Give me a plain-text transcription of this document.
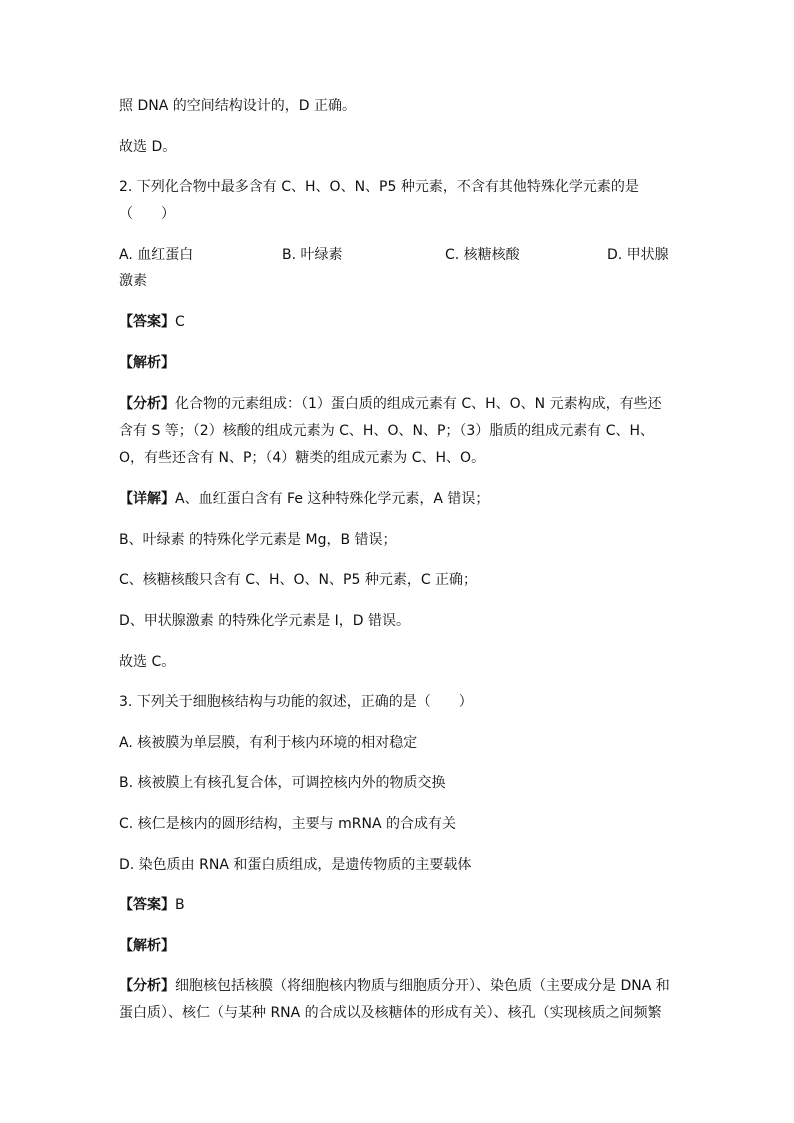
照 DNA 的空间结构设计的，D 正确。
故选 D。
2. 下列化合物中最多含有 C、H、O、N、P5 种元素，不含有其他特殊化学元素的是
（　　）
A. 血红蛋白	B. 叶绿素	C. 核糖核酸	D. 甲状腺
激素
【答案】C
【解析】
【分析】化合物的元素组成：（1）蛋白质的组成元素有 C、H、O、N 元素构成，有些还
含有 S 等；（2）核酸的组成元素为 C、H、O、N、P；（3）脂质的组成元素有 C、H、
O，有些还含有 N、P；（4）糖类的组成元素为 C、H、O。
【详解】A、血红蛋白含有 Fe 这种特殊化学元素，A 错误；
B、叶绿素 的特殊化学元素是 Mg，B 错误；
C、核糖核酸只含有 C、H、O、N、P5 种元素，C 正确；
D、甲状腺激素 的特殊化学元素是 I，D 错误。
故选 C。
3. 下列关于细胞核结构与功能的叙述，正确的是（　　）
A. 核被膜为单层膜，有利于核内环境的相对稳定
B. 核被膜上有核孔复合体，可调控核内外的物质交换
C. 核仁是核内的圆形结构，主要与 mRNA 的合成有关
D. 染色质由 RNA 和蛋白质组成，是遗传物质的主要载体
【答案】B
【解析】
【分析】细胞核包括核膜（将细胞核内物质与细胞质分开）、染色质（主要成分是 DNA 和
蛋白质）、核仁（与某种 RNA 的合成以及核糖体的形成有关）、核孔（实现核质之间频繁
